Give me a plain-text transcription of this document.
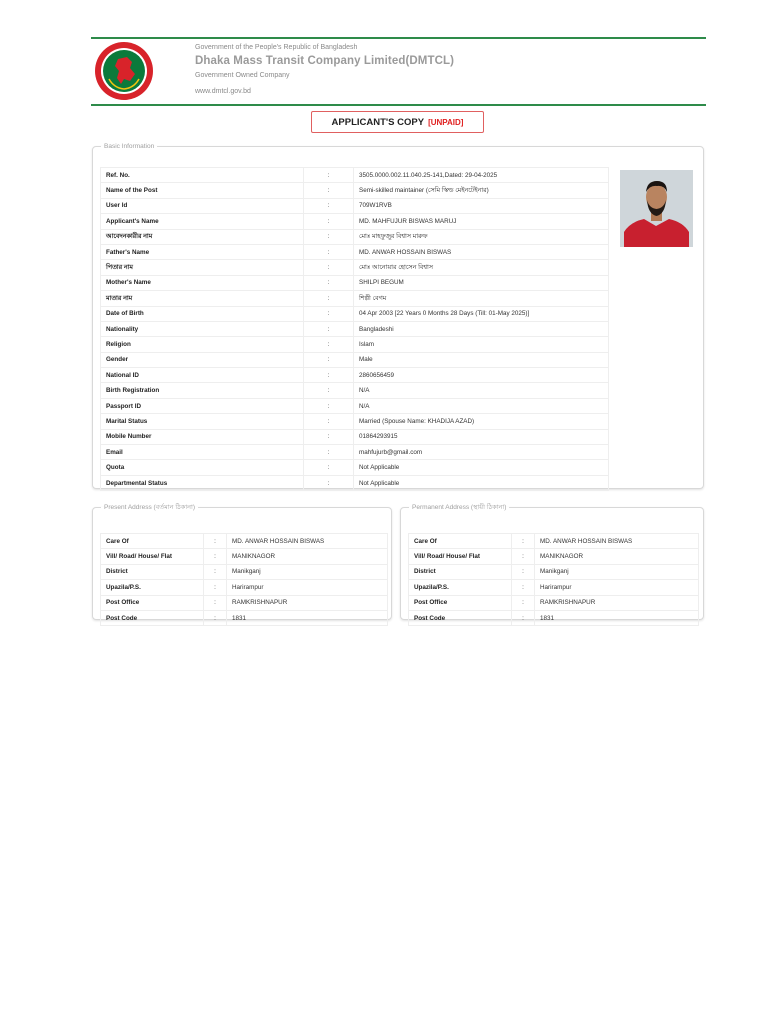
Government of the People's Republic of Bangladesh
Dhaka Mass Transit Company Limited(DMTCL)
Government Owned Company
www.dmtcl.gov.bd
APPLICANT'S COPY [UNPAID]
Basic Information
Ref. No.	:	3505.0000.002.11.040.25-141,Dated: 29-04-2025
Name of the Post	:	Semi-skilled maintainer (সেমি স্কিল্ড মেইনটেইনার)
User Id	:	709W1RVB
Applicant's Name	:	MD. MAHFUJUR BISWAS MARUJ
আবেদনকারীর নাম	:	মোঃ মাহফুজুর বিশ্বাস মারুফ
Father's Name	:	MD. ANWAR HOSSAIN BISWAS
পিতার নাম	:	মোঃ আনোয়ার হোসেন বিশ্বাস
Mother's Name	:	SHILPI BEGUM
মাতার নাম	:	শিল্পী বেগম
Date of Birth	:	04 Apr 2003 [22 Years 0 Months 28 Days (Till: 01-May 2025)]
Nationality	:	Bangladeshi
Religion	:	Islam
Gender	:	Male
National ID	:	2860656459
Birth Registration	:	N/A
Passport ID	:	N/A
Marital Status	:	Married (Spouse Name: KHADIJA AZAD)
Mobile Number	:	01864293915
Email	:	mahfujurb@gmail.com
Quota	:	Not Applicable
Departmental Status	:	Not Applicable
Present Address (বর্তমান ঠিকানা)
Care Of	:	MD. ANWAR HOSSAIN BISWAS
Vill/ Road/ House/ Flat	:	MANIKNAGOR
District	:	Manikganj
Upazila/P.S.	:	Harirampur
Post Office	:	RAMKRISHNAPUR
Post Code	:	1831
Permanent Address (স্থায়ী ঠিকানা)
Care Of	:	MD. ANWAR HOSSAIN BISWAS
Vill/ Road/ House/ Flat	:	MANIKNAGOR
District	:	Manikganj
Upazila/P.S.	:	Harirampur
Post Office	:	RAMKRISHNAPUR
Post Code	:	1831
